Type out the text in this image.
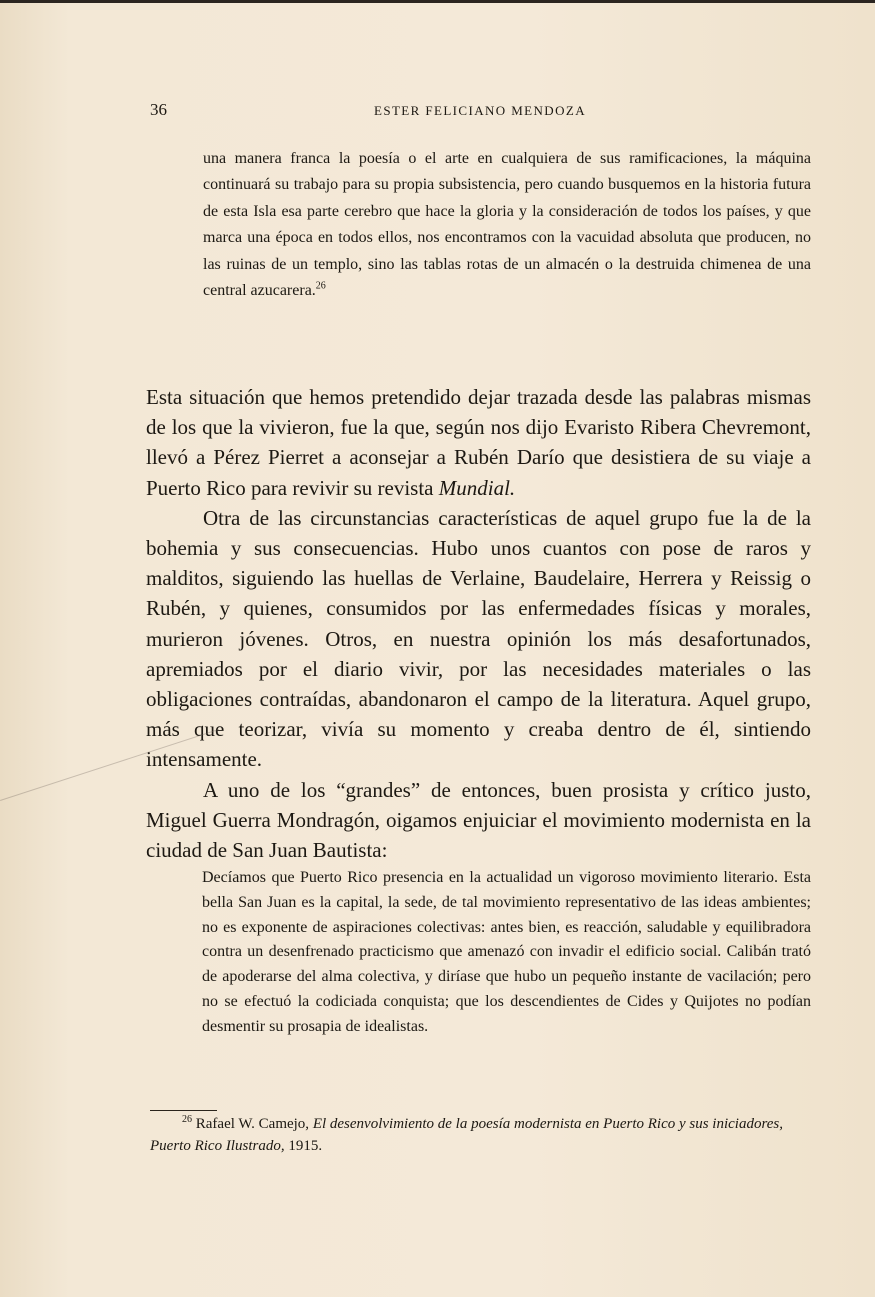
36	ESTER FELICIANO MENDOZA

una manera franca la poesía o el arte en cualquiera de sus ramificaciones, la máquina continuará su trabajo para su propia subsistencia, pero cuando busquemos en la historia futura de esta Isla esa parte cerebro que hace la gloria y la consideración de todos los países, y que marca una época en todos ellos, nos encontramos con la vacuidad absoluta que producen, no las ruinas de un templo, sino las tablas rotas de un almacén o la destruida chimenea de una central azucarera.$^{26}$

Esta situación que hemos pretendido dejar trazada desde las palabras mismas de los que la vivieron, fue la que, según nos dijo Evaristo Ribera Chevremont, llevó a Pérez Pierret a aconsejar a Rubén Darío que desistiera de su viaje a Puerto Rico para revivir su revista Mundial.

Otra de las circunstancias características de aquel grupo fue la de la bohemia y sus consecuencias. Hubo unos cuantos con pose de raros y malditos, siguiendo las huellas de Verlaine, Baudelaire, Herrera y Reissig o Rubén, y quienes, consumidos por las enfermedades físicas y morales, murieron jóvenes. Otros, en nuestra opinión los más desafortunados, apremiados por el diario vivir, por las necesidades materiales o las obligaciones contraídas, abandonaron el campo de la literatura. Aquel grupo, más que teorizar, vivía su momento y creaba dentro de él, sintiendo intensamente.

A uno de los “grandes” de entonces, buen prosista y crítico justo, Miguel Guerra Mondragón, oigamos enjuiciar el movimiento modernista en la ciudad de San Juan Bautista:

Decíamos que Puerto Rico presencia en la actualidad un vigoroso movimiento literario. Esta bella San Juan es la capital, la sede, de tal movimiento representativo de las ideas ambientes; no es exponente de aspiraciones colectivas: antes bien, es reacción, saludable y equilibradora contra un desenfrenado practicismo que amenazó con invadir el edificio social. Calibán trató de apoderarse del alma colectiva, y diríase que hubo un pequeño instante de vacilación; pero no se efectuó la codiciada conquista; que los descendientes de Cides y Quijotes no podían desmentir su prosapia de idealistas.

$^{26}$ Rafael W. Camejo, El desenvolvimiento de la poesía modernista en Puerto Rico y sus iniciadores, Puerto Rico Ilustrado, 1915.
